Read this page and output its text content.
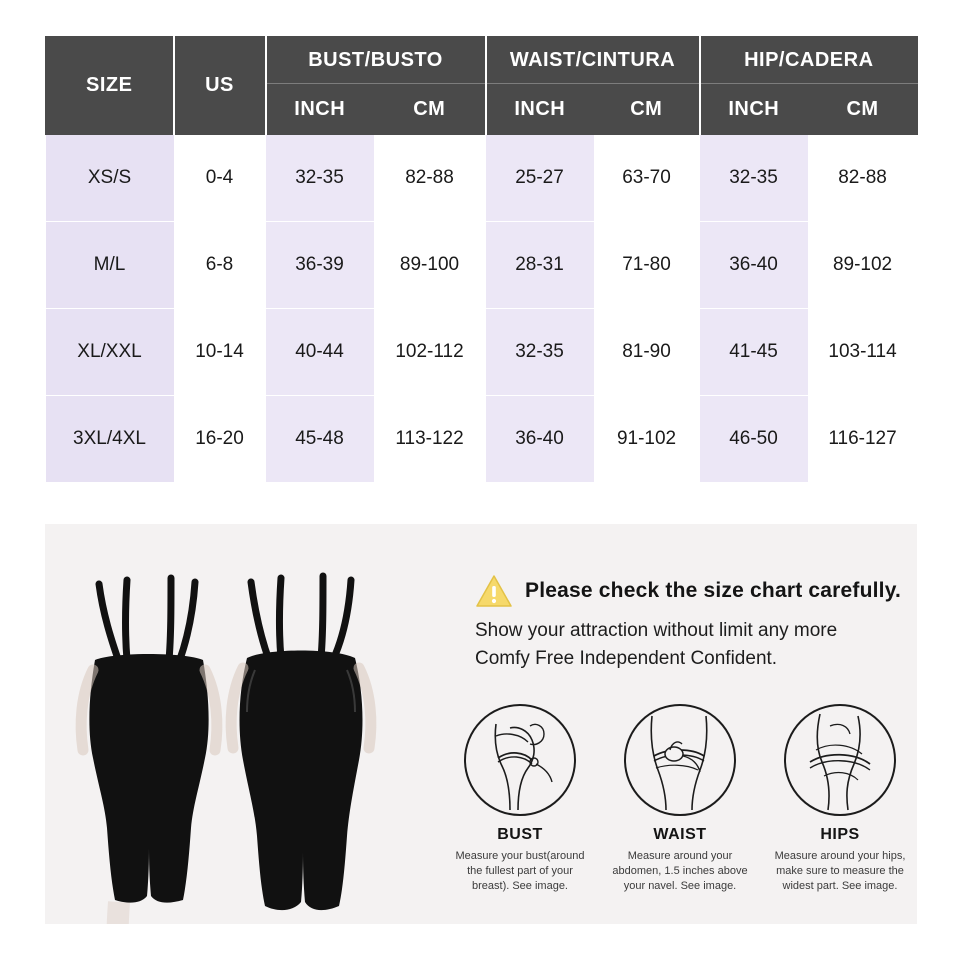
SIZE	US	BUST/BUSTO		WAIST/CINTURA		HIP/CADERA	
		INCH	CM	INCH	CM	INCH	CM
XS/S	0-4	32-35	82-88	25-27	63-70	32-35	82-88
M/L	6-8	36-39	89-100	28-31	71-80	36-40	89-102
XL/XXL	10-14	40-44	102-112	32-35	81-90	41-45	103-114
3XL/4XL	16-20	45-48	113-122	36-40	91-102	46-50	116-127
Please check the size chart carefully.
Show your attraction without limit any more
Comfy Free Independent Confident.
BUST
Measure your bust(around the fullest part of your breast). See image.
WAIST
Measure around your abdomen, 1.5 inches above your navel. See image.
HIPS
Measure around your hips, make sure to measure the widest part. See image.
